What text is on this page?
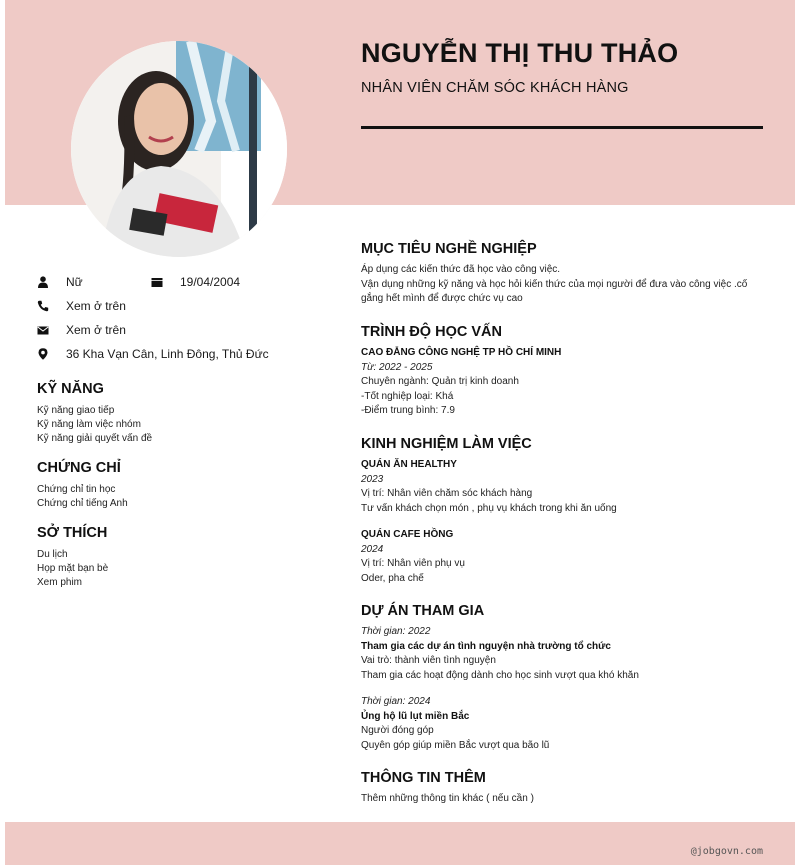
NGUYỄN THỊ THU THẢO
NHÂN VIÊN CHĂM SÓC KHÁCH HÀNG
Nữ	19/04/2004
Xem ở trên
Xem ở trên
36 Kha Vạn Cân, Linh Đông, Thủ Đức
KỸ NĂNG
Kỹ năng giao tiếp
Kỹ năng làm việc nhóm
Kỹ năng giải quyết vấn đề
CHỨNG CHỈ
Chứng chỉ tin học
Chứng chỉ tiếng Anh
SỞ THÍCH
Du lịch
Họp mặt bạn bè
Xem phim
MỤC TIÊU NGHỀ NGHIỆP
Áp dụng các kiến thức đã học vào công việc.
Vận dụng những kỹ năng và học hỏi kiến thức của mọi người để đưa vào công việc .cố gắng hết mình để được chức vụ cao
TRÌNH ĐỘ HỌC VẤN
CAO ĐẲNG CÔNG NGHỆ TP HỒ CHÍ MINH
Từ: 2022 - 2025
Chuyên ngành: Quản trị kinh doanh
-Tốt nghiệp loại: Khá
-Điểm trung bình: 7.9
KINH NGHIỆM LÀM VIỆC
QUÁN ĂN HEALTHY
2023
Vị trí: Nhân viên chăm sóc khách hàng
Tư vấn khách chọn món , phụ vụ khách trong khi ăn uống
QUÁN CAFE HỒNG
2024
Vị trí: Nhân viên phụ vụ
Oder, pha chế
DỰ ÁN THAM GIA
Thời gian: 2022
Tham gia các dự án tình nguyện nhà trường tổ chức
Vai trò: thành viên tình nguyện
Tham gia các hoạt động dành cho học sinh vượt qua khó khăn
Thời gian: 2024
Ủng hộ lũ lụt miền Bắc
Người đóng góp
Quyên góp giúp miền Bắc vượt qua bão lũ
THÔNG TIN THÊM
Thêm những thông tin khác ( nếu cần )
@jobgovn.com
